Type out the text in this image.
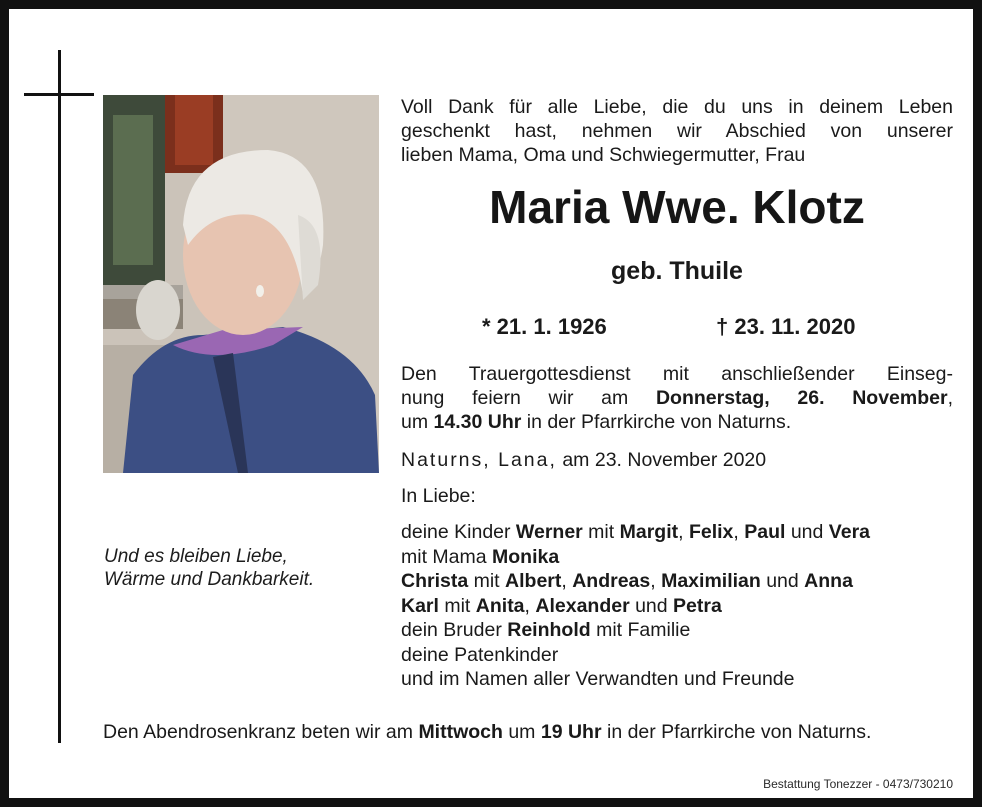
Und es bleiben Liebe,
Wärme und Dankbarkeit.
Voll Dank für alle Liebe, die du uns in deinem Leben
geschenkt hast, nehmen wir Abschied von unserer
lieben Mama, Oma und Schwiegermutter, Frau
Maria Wwe. Klotz
geb. Thuile
* 21. 1. 1926	† 23. 11. 2020
Den Trauergottesdienst mit anschließender Einseg-
nung feiern wir am Donnerstag, 26. November,
um 14.30 Uhr in der Pfarrkirche von Naturns.
Naturns, Lana, am 23. November 2020
In Liebe:
deine Kinder Werner mit Margit, Felix, Paul und Vera
mit Mama Monika
Christa mit Albert, Andreas, Maximilian und Anna
Karl mit Anita, Alexander und Petra
dein Bruder Reinhold mit Familie
deine Patenkinder
und im Namen aller Verwandten und Freunde
Den Abendrosenkranz beten wir am Mittwoch um 19 Uhr in der Pfarrkirche von Naturns.
Bestattung Tonezzer - 0473/730210
